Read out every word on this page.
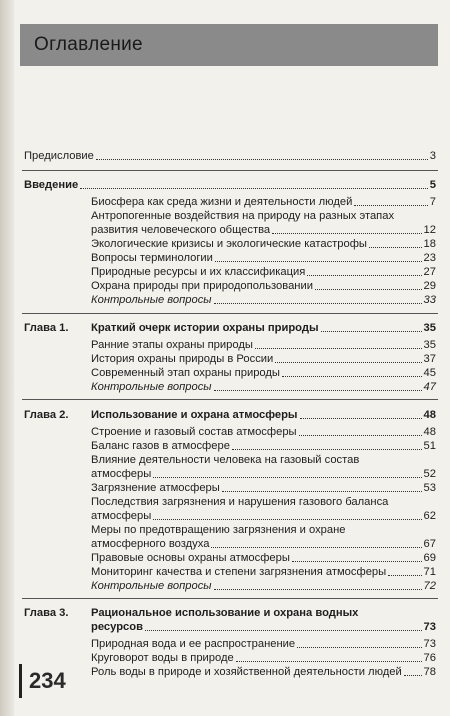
Оглавление
Предисловие	3
Введение	5
Биосфера как среда жизни и деятельности людей	7
Антропогенные воздействия на природу на разных этапах
развития человеческого общества	12
Экологические кризисы и экологические катастрофы	18
Вопросы терминологии	23
Природные ресурсы и их классификация	27
Охрана природы при природопользовании	29
Контрольные вопросы	33
Глава 1. Краткий очерк истории охраны природы	35
Ранние этапы охраны природы	35
История охраны природы в России	37
Современный этап охраны природы	45
Контрольные вопросы	47
Глава 2. Использование и охрана атмосферы	48
Строение и газовый состав атмосферы	48
Баланс газов в атмосфере	51
Влияние деятельности человека на газовый состав
атмосферы	52
Загрязнение атмосферы	53
Последствия загрязнения и нарушения газового баланса
атмосферы	62
Меры по предотвращению загрязнения и охране
атмосферного воздуха	67
Правовые основы охраны атмосферы	69
Мониторинг качества и степени загрязнения атмосферы	71
Контрольные вопросы	72
Глава 3. Рациональное использование и охрана водных
ресурсов	73
Природная вода и ее распространение	73
Круговорот воды в природе	76
Роль воды в природе и хозяйственной деятельности людей 78
234
